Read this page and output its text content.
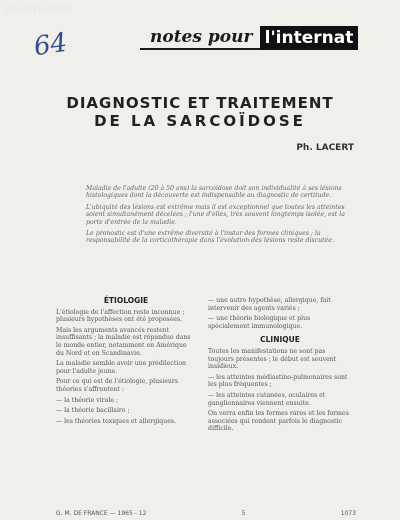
Le-livre.com
64	notes pour l'internat
DIAGNOSTIC ET TRAITEMENT
DE LA SARCOÏDOSE
Ph. LACERT

Maladie de l'adulte (20 à 50 ans) la sarcoïdose doit son individualité à ses lésions histologiques dont la découverte est indispensable au diagnostic de certitude.

L'ubiquité des lésions est extrême mais il est exceptionnel que toutes les atteintes soient simultanément décelées ; l'une d'elles, très souvent longtemps isolée, est la porte d'entrée de la maladie.

Le pronostic est d'une extrême diversité à l'instar des formes cliniques ; la responsabilité de la corticothérapie dans l'évolution des lésions reste discutée.

ÉTIOLOGIE

L'étiologie de l'affection reste inconnue ; plusieurs hypothèses ont été proposées.

Mais les arguments avancés restent insuffisants ; la maladie est répandue dans le monde entier, notamment en Amérique du Nord et en Scandinavie.

La maladie semble avoir une prédilection pour l'adulte jeune.

Pour ce qui est de l'étiologie, plusieurs théories s'affrontent :

— la théorie virale ;

— la théorie bacillaire ;

— les théories toxiques et allergiques.

— une autre hypothèse, allergique, fait intervenir des agents variés ;

— une théorie biologique et plus spécialement immunologique.

CLINIQUE

Toutes les manifestations ne sont pas toujours présentes ; le début est souvent insidieux.

— les atteintes médiastino-pulmonaires sont les plus fréquentes ;

— les atteintes cutanées, oculaires et ganglionnaires viennent ensuite.

On verra enfin les formes rares et les formes associées qui rendent parfois le diagnostic difficile.

G. M. DE FRANCE — 1965 - 12	5	1073
